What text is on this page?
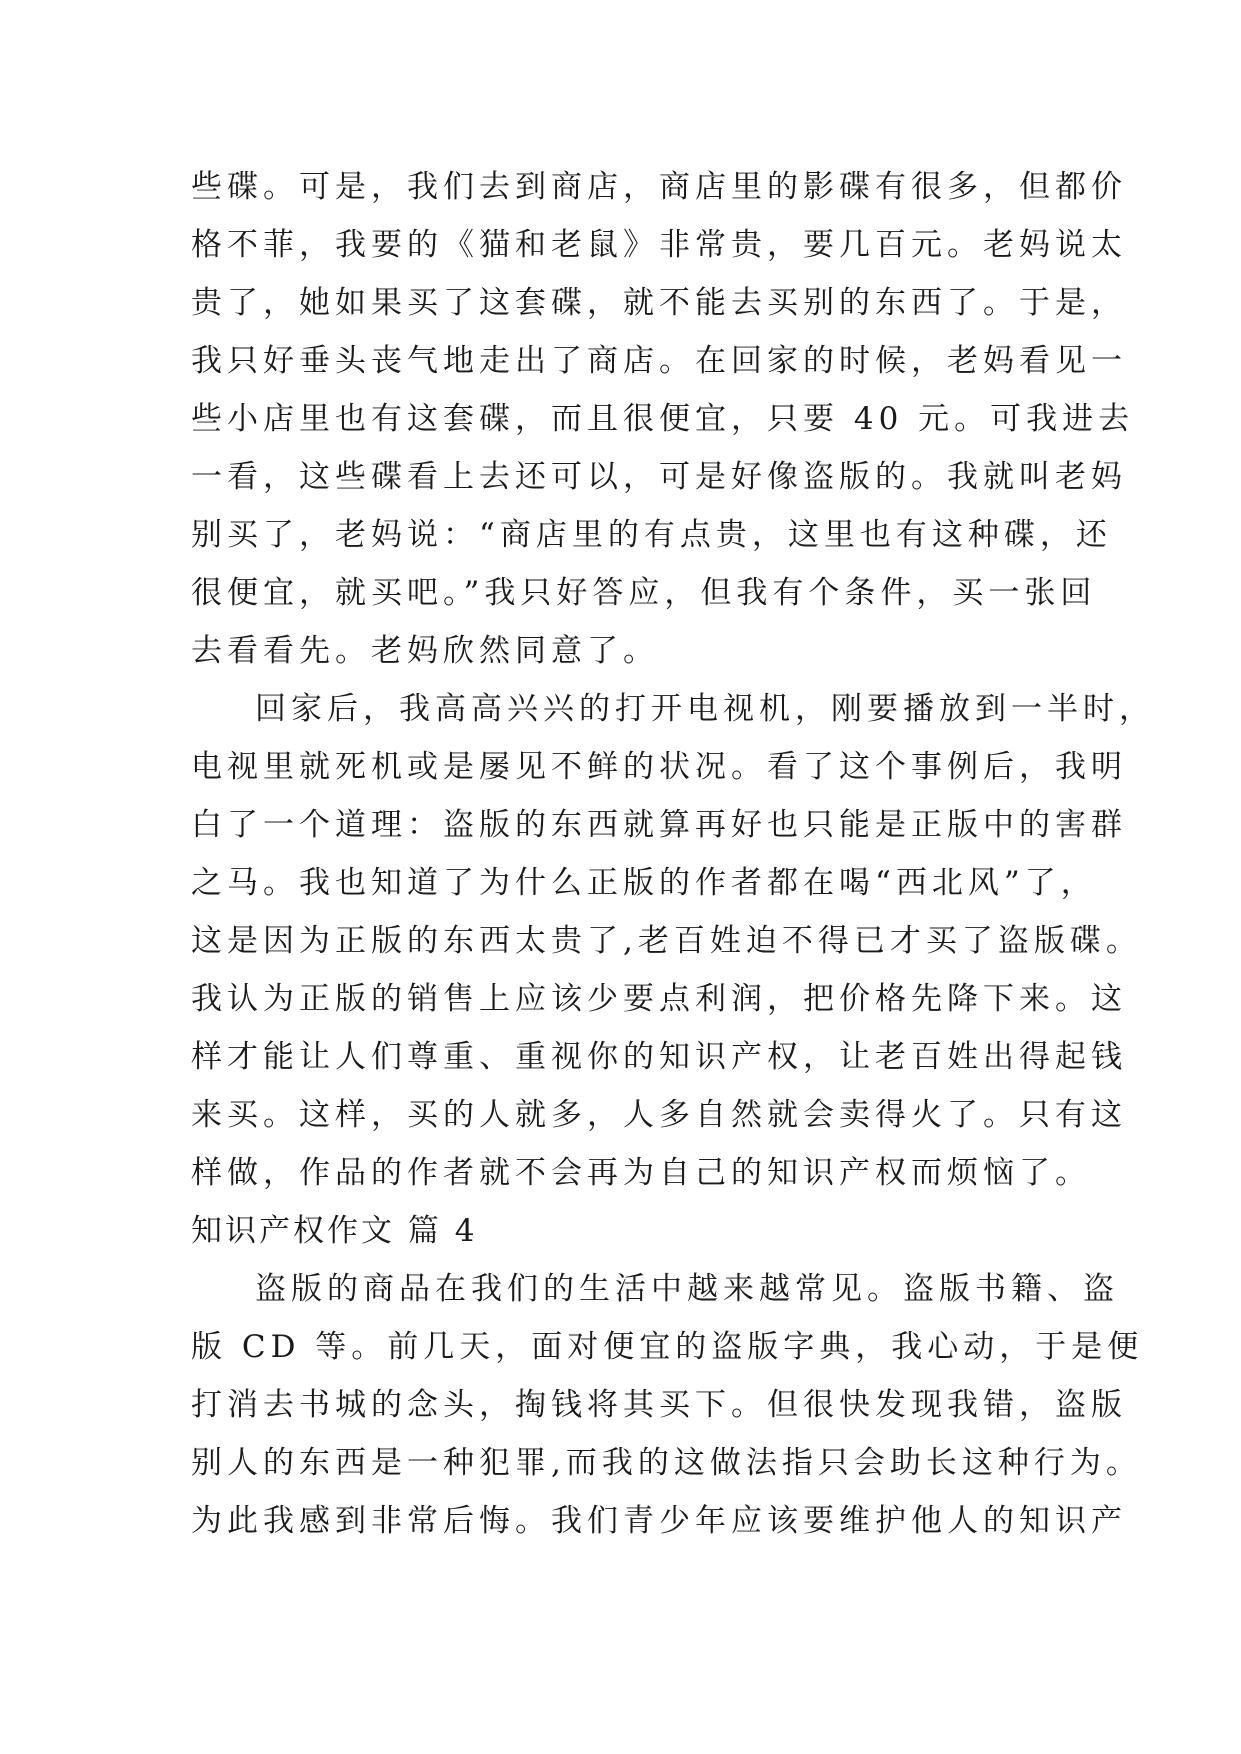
些碟。可是，我们去到商店，商店里的影碟有很多，但都价
格不菲，我要的《猫和老鼠》非常贵，要几百元。老妈说太
贵了，她如果买了这套碟，就不能去买别的东西了。于是，
我只好垂头丧气地走出了商店。在回家的时候，老妈看见一
些小店里也有这套碟，而且很便宜，只要 40 元。可我进去
一看，这些碟看上去还可以，可是好像盗版的。我就叫老妈
别买了，老妈说：“商店里的有点贵，这里也有这种碟，还
很便宜，就买吧。”我只好答应，但我有个条件，买一张回
去看看先。老妈欣然同意了。
回家后，我高高兴兴的打开电视机，刚要播放到一半时，
电视里就死机或是屡见不鲜的状况。看了这个事例后，我明
白了一个道理：盗版的东西就算再好也只能是正版中的害群
之马。我也知道了为什么正版的作者都在喝“西北风”了，
这是因为正版的东西太贵了,老百姓迫不得已才买了盗版碟。
我认为正版的销售上应该少要点利润，把价格先降下来。这
样才能让人们尊重、重视你的知识产权，让老百姓出得起钱
来买。这样，买的人就多，人多自然就会卖得火了。只有这
样做，作品的作者就不会再为自己的知识产权而烦恼了。
知识产权作文 篇 4
盗版的商品在我们的生活中越来越常见。盗版书籍、盗
版 CD 等。前几天，面对便宜的盗版字典，我心动，于是便
打消去书城的念头，掏钱将其买下。但很快发现我错，盗版
别人的东西是一种犯罪,而我的这做法指只会助长这种行为。
为此我感到非常后悔。我们青少年应该要维护他人的知识产
